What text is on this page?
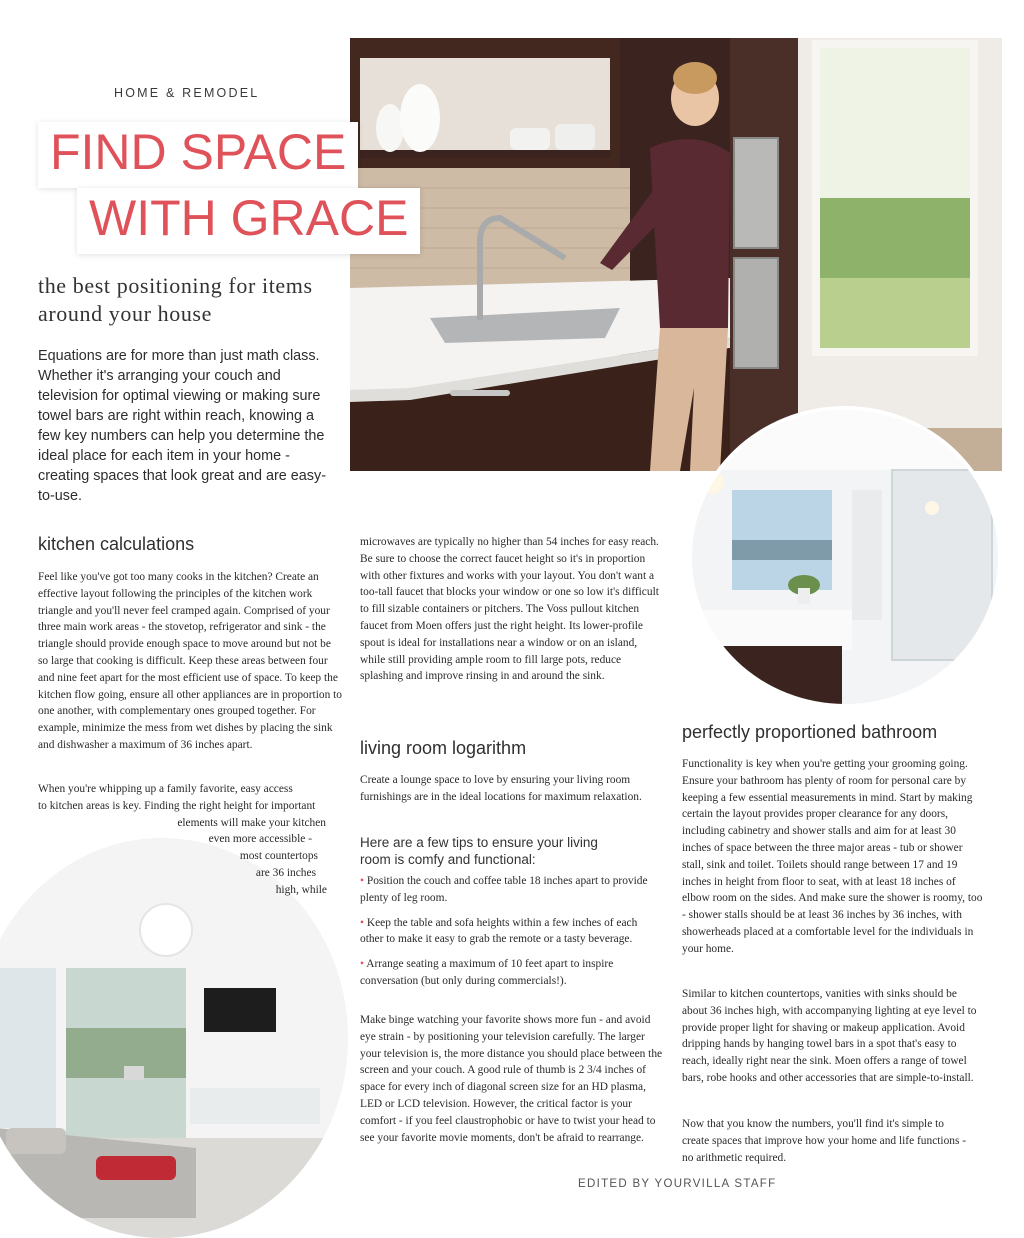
HOME & REMODEL
FIND SPACE
WITH GRACE
the best positioning for items around your house
Equations are for more than just math class. Whether it's arranging your couch and television for optimal viewing or making sure towel bars are right within reach, knowing a few key numbers can help you determine the ideal place for each item in your home - creating spaces that look great and are easy-to-use.
kitchen calculations
Feel like you've got too many cooks in the kitchen? Create an effective layout following the principles of the kitchen work triangle and you'll never feel cramped again. Comprised of your three main work areas - the stovetop, refrigerator and sink - the triangle should provide enough space to move around but not be so large that cooking is difficult. Keep these areas between four and nine feet apart for the most efficient use of space. To keep the kitchen flow going, ensure all other appliances are in proportion to one another, with complementary ones grouped together. For example, minimize the mess from wet dishes by placing the sink and dishwasher a maximum of 36 inches apart.
When you're whipping up a family favorite, easy access
to kitchen areas is key. Finding the right height for important
elements will make your kitchen
even more accessible -
most countertops
are 36 inches
high, while
microwaves are typically no higher than 54 inches for easy reach. Be sure to choose the correct faucet height so it's in proportion with other fixtures and works with your layout. You don't want a too-tall faucet that blocks your window or one so low it's difficult to fill sizable containers or pitchers. The Voss pullout kitchen faucet from Moen offers just the right height. Its lower-profile spout is ideal for installations near a window or on an island, while still providing ample room to fill large pots, reduce splashing and improve rinsing in and around the sink.
living room logarithm
Create a lounge space to love by ensuring your living room furnishings are in the ideal locations for maximum relaxation.
Here are a few tips to ensure your living room is comfy and functional:
• Position the couch and coffee table 18 inches apart to provide plenty of leg room.
• Keep the table and sofa heights within a few inches of each other to make it easy to grab the remote or a tasty beverage.
• Arrange seating a maximum of 10 feet apart to inspire conversation (but only during commercials!).
Make binge watching your favorite shows more fun - and avoid eye strain - by positioning your television carefully. The larger your television is, the more distance you should place between the screen and your couch. A good rule of thumb is 2 3/4 inches of space for every inch of diagonal screen size for an HD plasma, LED or LCD television. However, the critical factor is your comfort - if you feel claustrophobic or have to twist your head to see your favorite movie moments, don't be afraid to rearrange.
perfectly proportioned bathroom
Functionality is key when you're getting your grooming going. Ensure your bathroom has plenty of room for personal care by keeping a few essential measurements in mind. Start by making certain the layout provides proper clearance for any doors, including cabinetry and shower stalls and aim for at least 30 inches of space between the three major areas - tub or shower stall, sink and toilet. Toilets should range between 17 and 19 inches in height from floor to seat, with at least 18 inches of elbow room on the sides. And make sure the shower is roomy, too - shower stalls should be at least 36 inches by 36 inches, with showerheads placed at a comfortable level for the individuals in your home.
Similar to kitchen countertops, vanities with sinks should be about 36 inches high, with accompanying lighting at eye level to provide proper light for shaving or makeup application. Avoid dripping hands by hanging towel bars in a spot that's easy to reach, ideally right near the sink. Moen offers a range of towel bars, robe hooks and other accessories that are simple-to-install.
Now that you know the numbers, you'll find it's simple to create spaces that improve how your home and life functions - no arithmetic required.
EDITED BY YOURVILLA STAFF
